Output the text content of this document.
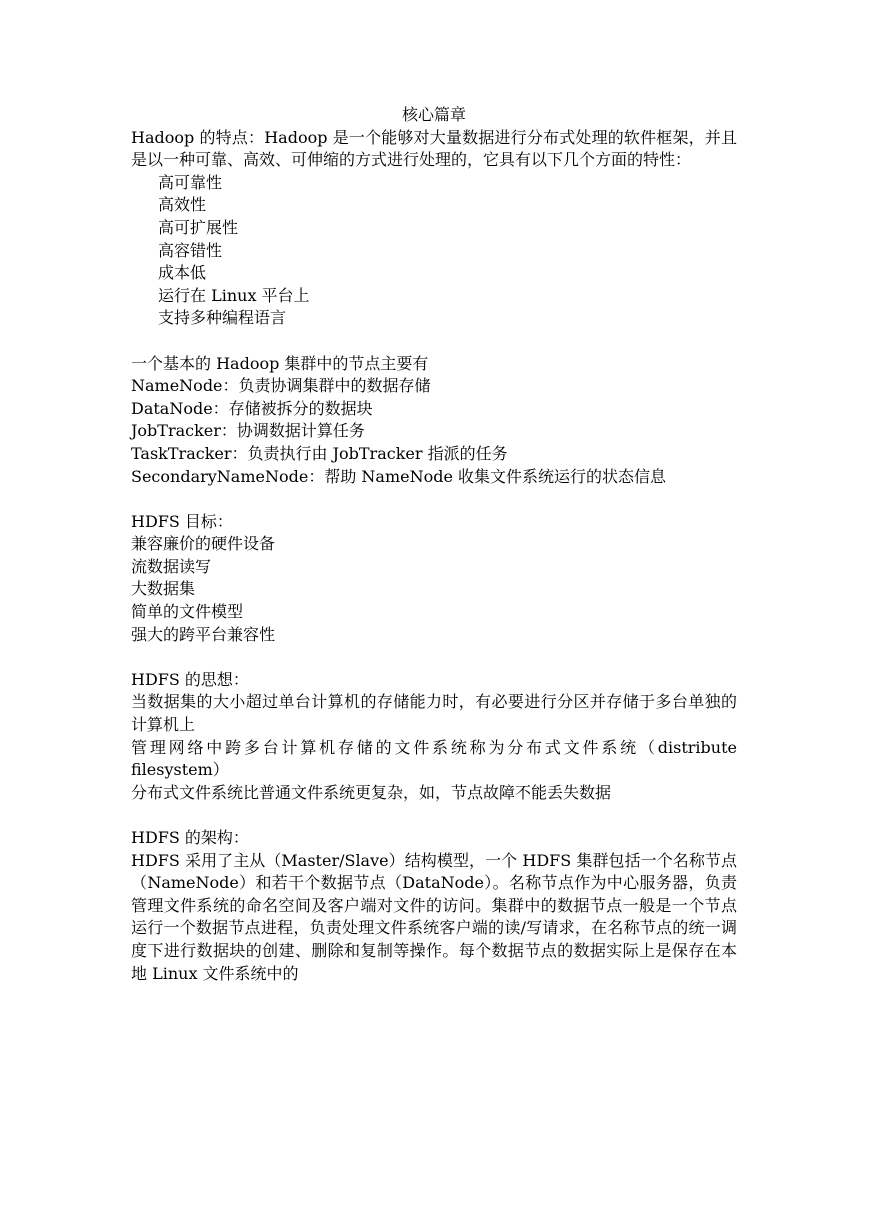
核心篇章

Hadoop 的特点：Hadoop 是一个能够对大量数据进行分布式处理的软件框架，并且是以一种可靠、高效、可伸缩的方式进行处理的，它具有以下几个方面的特性：

高可靠性

高效性

高可扩展性

高容错性

成本低

运行在 Linux 平台上

支持多种编程语言

一个基本的 Hadoop 集群中的节点主要有

NameNode：负责协调集群中的数据存储

DataNode：存储被拆分的数据块

JobTracker：协调数据计算任务

TaskTracker：负责执行由 JobTracker 指派的任务

SecondaryNameNode：帮助 NameNode 收集文件系统运行的状态信息

HDFS 目标：

兼容廉价的硬件设备

流数据读写

大数据集

简单的文件模型

强大的跨平台兼容性

HDFS 的思想：

当数据集的大小超过单台计算机的存储能力时，有必要进行分区并存储于多台单独的计算机上

管理网络中跨多台计算机存储的文件系统称为分布式文件系统（distribute filesystem）

分布式文件系统比普通文件系统更复杂，如，节点故障不能丢失数据

HDFS 的架构：

HDFS 采用了主从（Master/Slave）结构模型，一个 HDFS 集群包括一个名称节点（NameNode）和若干个数据节点（DataNode）。名称节点作为中心服务器，负责管理文件系统的命名空间及客户端对文件的访问。集群中的数据节点一般是一个节点运行一个数据节点进程，负责处理文件系统客户端的读/写请求，在名称节点的统一调度下进行数据块的创建、删除和复制等操作。每个数据节点的数据实际上是保存在本地 Linux 文件系统中的
